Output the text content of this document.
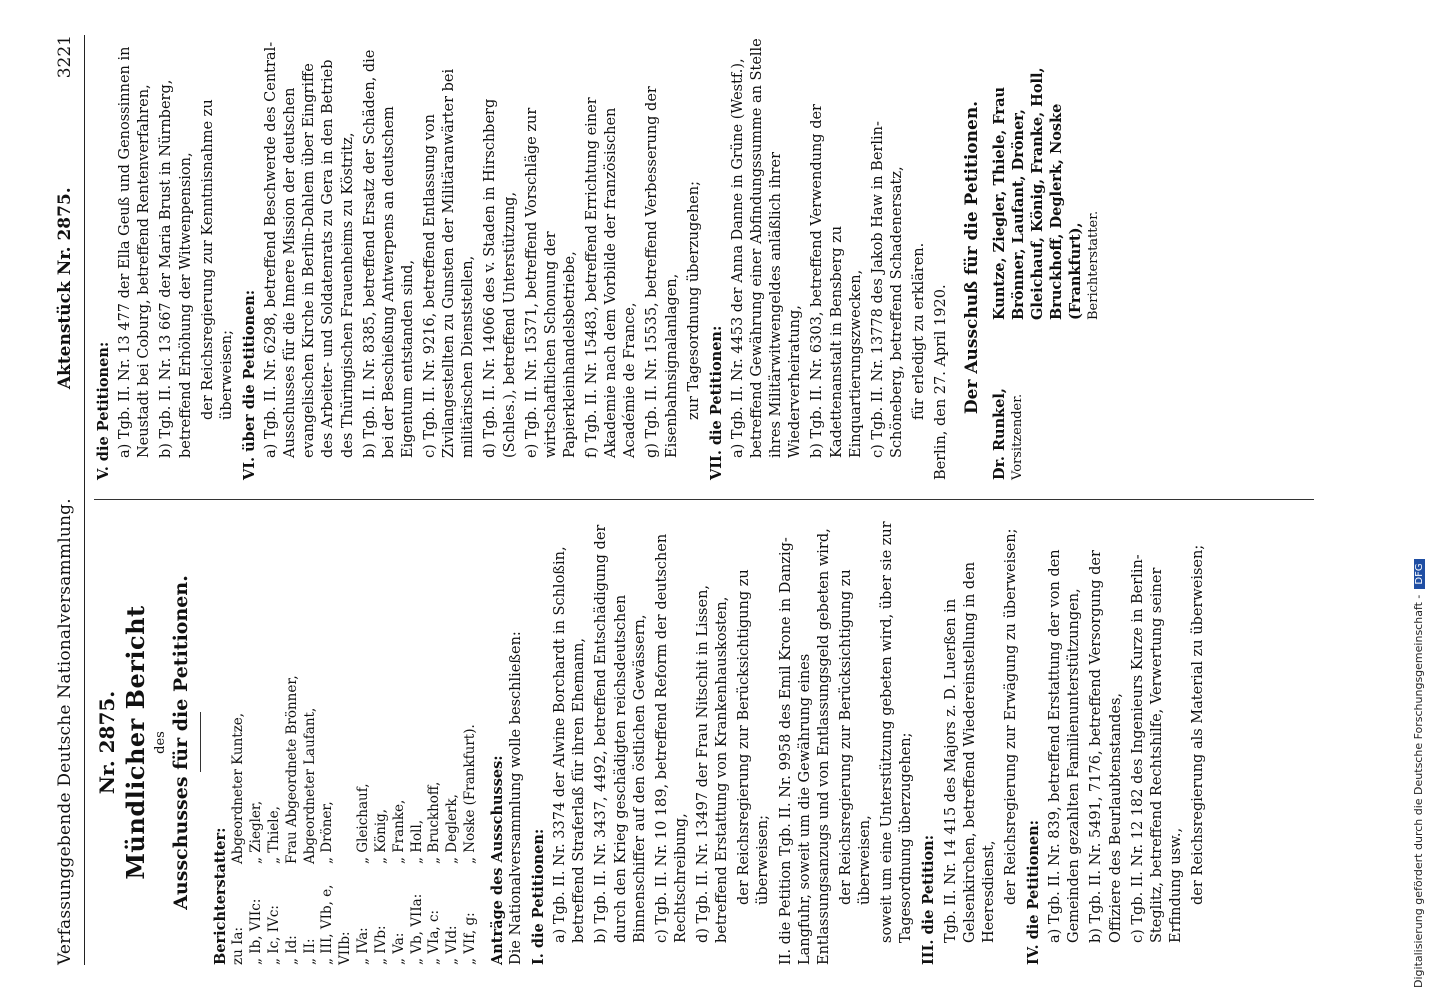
Verfassunggebende Deutsche Nationalversammlung.
Aktenstück Nr. 2875.
3221
Nr. 2875. Mündlicher Bericht des Ausschusses für die Petitionen. Berichterstatter: zu Ia:
Abgeordneter Kuntze,
„ Ib, VIIc:
„ Ziegler,
„ Ic, IVc:
„ Thiele,
„ Id:
Frau Abgeordnete Brönner,
„ II:
Abgeordneter Laufant,
„ III, VIb, e, VIIb:
„ Dröner,
„ IVa:
„ Gleichauf,
„ IVb:
„ König,
„ Va:
„ Franke,
„ Vb, VIIa:
„ Holl,
„ VIa, c:
„ Bruckhoff,
„ VId:
„ Deglerk,
„ VIf, g:
„ Noske (Frankfurt). Anträge des Ausschusses: Die Nationalversammlung wolle beschließen: I. die Petitionen: a) Tgb. II. Nr. 3374 der Alwine Borchardt in Schloßin, betreffend Straferlaß für ihren Ehemann, b) Tgb. II. Nr. 3437, 4492, betreffend Entschädigung der durch den Krieg geschädigten reichsdeutschen Binnenschiffer auf den östlichen Gewässern, c) Tgb. II. Nr. 10 189, betreffend Reform der deutschen Rechtschreibung, d) Tgb. II. Nr. 13497 der Frau Nitschit in Lissen, betreffend Erstattung von Krankenhauskosten, der Reichsregierung zur Berücksichtigung zu überweisen; II. die Petition Tgb. II. Nr. 9958 des Emil Krone in Danzig-Langfuhr, soweit um die Gewährung eines Entlassungsanzugs und von Entlassungsgeld gebeten wird, der Reichsregierung zur Berücksichtigung zu überweisen, soweit um eine Unterstützung gebeten wird, über sie zur Tagesordnung überzugehen; III. die Petition: Tgb. II. Nr. 14 415 des Majors z. D. Luerßen in Gelsenkirchen, betreffend Wiedereinstellung in den Heeresdienst, der Reichsregierung zur Erwägung zu überweisen; IV. die Petitionen: a) Tgb. II. Nr. 839, betreffend Erstattung der von den Gemeinden gezahlten Familienunterstützungen, b) Tgb. II. Nr. 5491, 7176, betreffend Versorgung der Offiziere des Beurlaubtenstandes, c) Tgb. II. Nr. 12 182 des Ingenieurs Kurze in Berlin-Steglitz, betreffend Rechtshilfe, Verwertung seiner Erfindung usw., der Reichsregierung als Material zu überweisen;

V. die Petitionen: a) Tgb. II. Nr. 13 477 der Ella Geuß und Genossinnen in Neustadt bei Coburg, betreffend Rentenverfahren, b) Tgb. II. Nr. 13 667 der Maria Brust in Nürnberg, betreffend Erhöhung der Witwenpension, der Reichsregierung zur Kenntnisnahme zu überweisen; VI. über die Petitionen: a) Tgb. II. Nr. 6298, betreffend Beschwerde des Central-Ausschusses für die Innere Mission der deutschen evangelischen Kirche in Berlin-Dahlem über Eingriffe des Arbeiter- und Soldatenrats zu Gera in den Betrieb des Thüringischen Frauenheims zu Köstritz, b) Tgb. II. Nr. 8385, betreffend Ersatz der Schäden, die bei der Beschießung Antwerpens an deutschem Eigentum entstanden sind, c) Tgb. II. Nr. 9216, betreffend Entlassung von Zivilangestellten zu Gunsten der Militäranwärter bei militärischen Dienststellen, d) Tgb. II. Nr. 14066 des v. Staden in Hirschberg (Schles.), betreffend Unterstützung, e) Tgb. II. Nr. 15371, betreffend Vorschläge zur wirtschaftlichen Schonung der Papierkleinhandelsbetriebe, f) Tgb. II. Nr. 15483, betreffend Errichtung einer Akademie nach dem Vorbilde der französischen Académie de France, g) Tgb. II. Nr. 15535, betreffend Verbesserung der Eisenbahnsignalanlagen, zur Tagesordnung überzugehen; VII. die Petitionen: a) Tgb. II. Nr. 4453 der Anna Danne in Grüne (Westf.), betreffend Gewährung einer Abfindungssumme an Stelle ihres Militärwitwengeldes anläßlich ihrer Wiederverheiratung, b) Tgb. II. Nr. 6303, betreffend Verwendung der Kadettenanstalt in Bensberg zu Einquartierungszwecken, c) Tgb. II. Nr. 13778 des Jakob Haw in Berlin-Schöneberg, betreffend Schadenersatz, für erledigt zu erklären. Berlin, den 27. April 1920. Der Ausschuß für die Petitionen.
Dr. Runkel, Vorsitzender.
Kuntze, Ziegler, Thiele, Frau Brönner, Laufant, Dröner, Gleichauf, König, Franke, Holl, Bruckhoff, Deglerk, Noske (Frankfurt), Berichterstatter.
Digitalisierung gefördert durch die Deutsche Forschungsgemeinschaft -DFG
